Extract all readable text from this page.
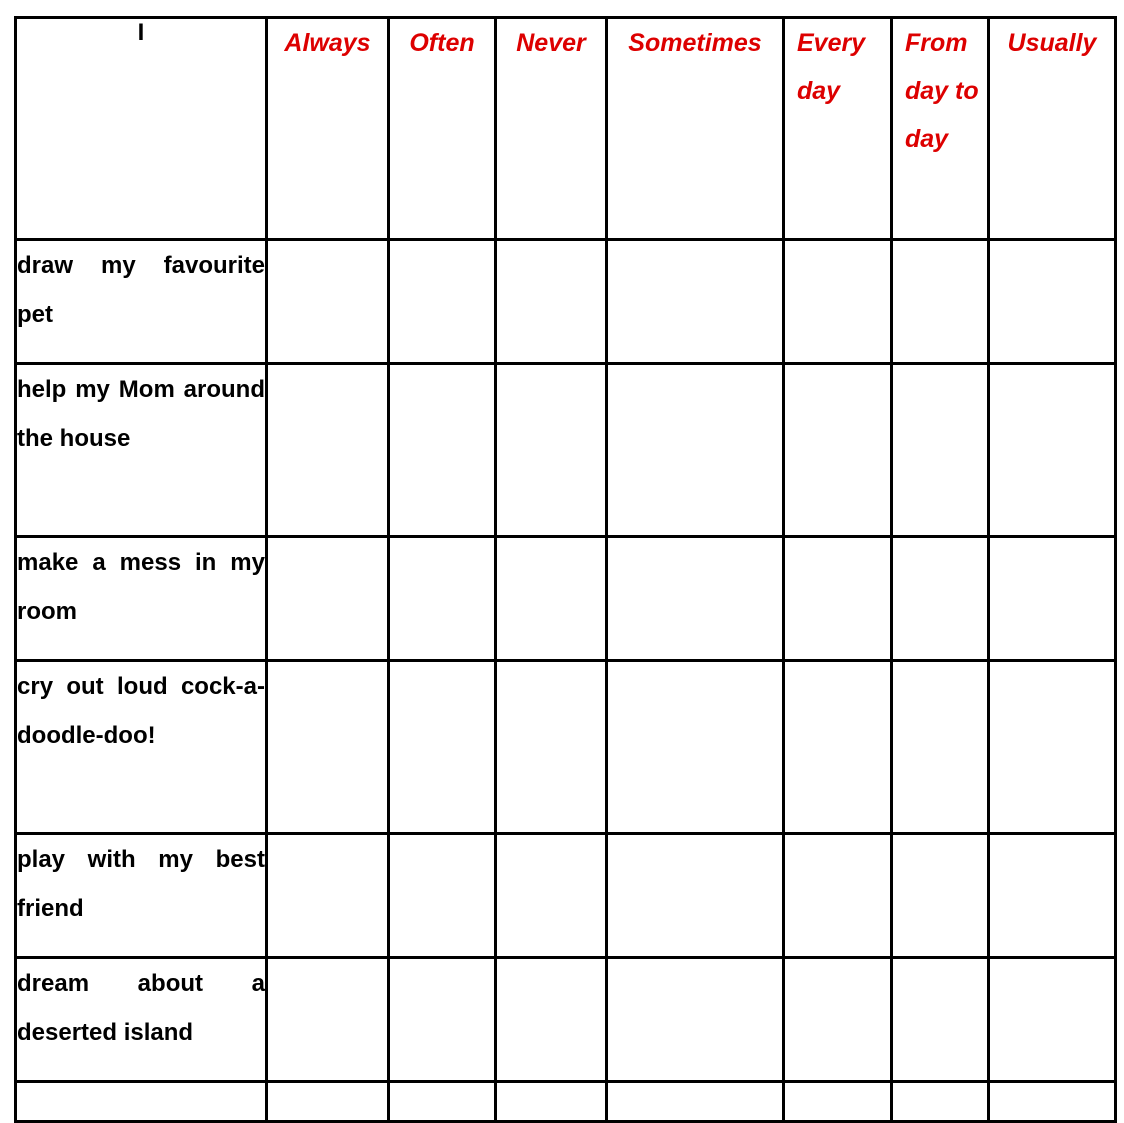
I	Always	Often	Never	Sometimes	Every day	From day to day	Usually
draw my favourite pet							
help my Mom around the house							
make a mess in my room							
cry out loud cock-a-doodle-doo!							
play with my best friend							
dream about a deserted island							
